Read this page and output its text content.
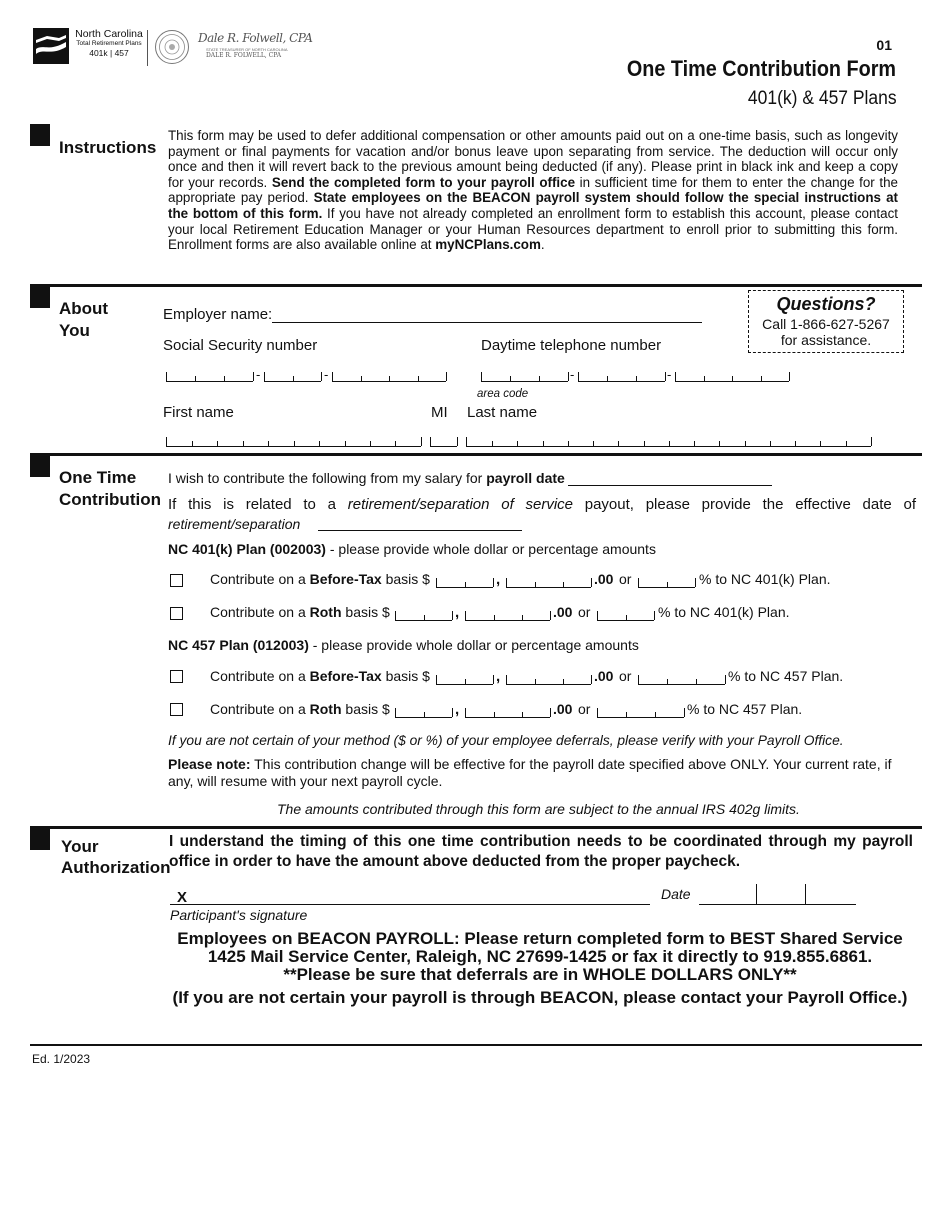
North Carolina
Total Retirement Plans
401k | 457
Dale R. Folwell, CPA
STATE TREASURER OF NORTH CAROLINA
DALE R. FOLWELL, CPA
01
One Time Contribution Form
401(k) & 457 Plans
Instructions
This form may be used to defer additional compensation or other amounts paid out on a one-time basis, such as longevity payment or final payments for vacation and/or bonus leave upon separating from service. The deduction will occur only once and then it will revert back to the previous amount being deducted (if any). Please print in black ink and keep a copy for your records. Send the completed form to your payroll office in sufficient time for them to enter the change for the appropriate pay period. State employees on the BEACON payroll system should follow the special instructions at the bottom of this form. If you have not already completed an enrollment form to establish this account, please contact your local Retirement Education Manager or your Human Resources department to enroll prior to submitting this form. Enrollment forms are also available online at myNCPlans.com.
About
You
Employer name:
Questions?
Call 1-866-627-5267
for assistance.
Social Security number	Daytime telephone number
-	-	-	-
area code
First name	MI Last name
One Time
Contribution
I wish to contribute the following from my salary for payroll date
If this is related to a retirement/separation of service payout, please provide the effective date of
retirement/separation
NC 401(k) Plan (002003) - please provide whole dollar or percentage amounts
Contribute on a Before-Tax basis $	,	.00 or	% to NC 401(k) Plan.
Contribute on a Roth basis $	,	.00 or	% to NC 401(k) Plan.
NC 457 Plan (012003) - please provide whole dollar or percentage amounts
Contribute on a Before-Tax basis $	,	.00 or	% to NC 457 Plan.
Contribute on a Roth basis $	,	.00 or	% to NC 457 Plan.
If you are not certain of your method ($ or %) of your employee deferrals, please verify with your Payroll Office.
Please note: This contribution change will be effective for the payroll date specified above ONLY. Your current rate, if any, will resume with your next payroll cycle.
The amounts contributed through this form are subject to the annual IRS 402g limits.
Your
Authorization
I understand the timing of this one time contribution needs to be coordinated through my payroll office in order to have the amount above deducted from the proper paycheck.
X	Date
Participant's signature
Employees on BEACON PAYROLL: Please return completed form to BEST Shared Service
1425 Mail Service Center, Raleigh, NC 27699-1425 or fax it directly to 919.855.6861.
**Please be sure that deferrals are in WHOLE DOLLARS ONLY**
(If you are not certain your payroll is through BEACON, please contact your Payroll Office.)
Ed. 1/2023
